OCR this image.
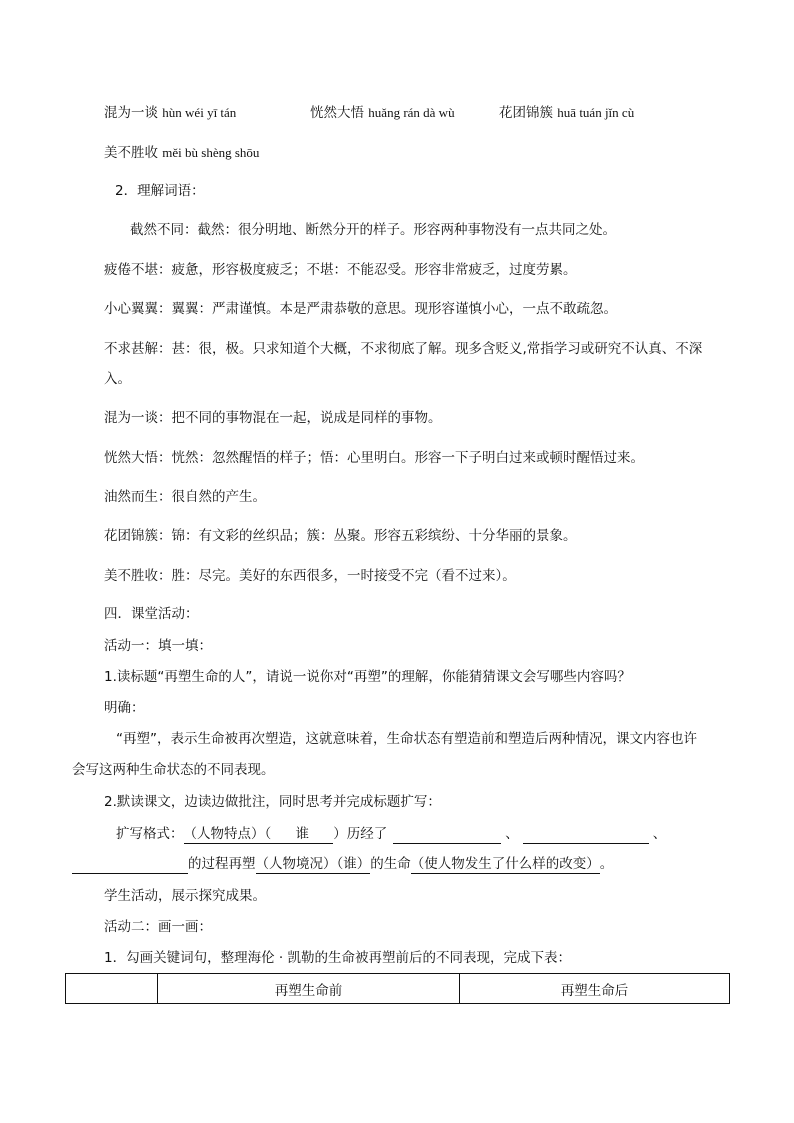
混为一谈 hùn wéi yī tán	恍然大悟 huǎng rán dà wù	花团锦簇 huā tuán jǐn cù
美不胜收 měi bù shèng shōu
2．理解词语：
截然不同：截然：很分明地、断然分开的样子。形容两种事物没有一点共同之处。
疲倦不堪：疲惫，形容极度疲乏；不堪：不能忍受。形容非常疲乏，过度劳累。
小心翼翼：翼翼：严肃谨慎。本是严肃恭敬的意思。现形容谨慎小心，一点不敢疏忽。
不求甚解：甚：很，极。只求知道个大概，不求彻底了解。现多含贬义,常指学习或研究不认真、不深
入。
混为一谈：把不同的事物混在一起，说成是同样的事物。
恍然大悟：恍然：忽然醒悟的样子；悟：心里明白。形容一下子明白过来或顿时醒悟过来。
油然而生：很自然的产生。
花团锦簇：锦：有文彩的丝织品；簇：丛聚。形容五彩缤纷、十分华丽的景象。
美不胜收：胜：尽完。美好的东西很多，一时接受不完（看不过来）。
四．课堂活动：
活动一：填一填：
1.读标题“再塑生命的人”，请说一说你对“再塑”的理解，你能猜猜课文会写哪些内容吗？
明确：
“再塑”，表示生命被再次塑造，这就意味着，生命状态有塑造前和塑造后两种情况，课文内容也许
会写这两种生命状态的不同表现。
2.默读课文，边读边做批注，同时思考并完成标题扩写：
扩写格式：（人物特点）（ 谁 ）历经了	、	、
的过程再塑（人物境况）（谁）的生命（使人物发生了什么样的改变）。
学生活动，展示探究成果。
活动二：画一画：
1．勾画关键词句，整理海伦 · 凯勒的生命被再塑前后的不同表现，完成下表：
	再塑生命前	再塑生命后
